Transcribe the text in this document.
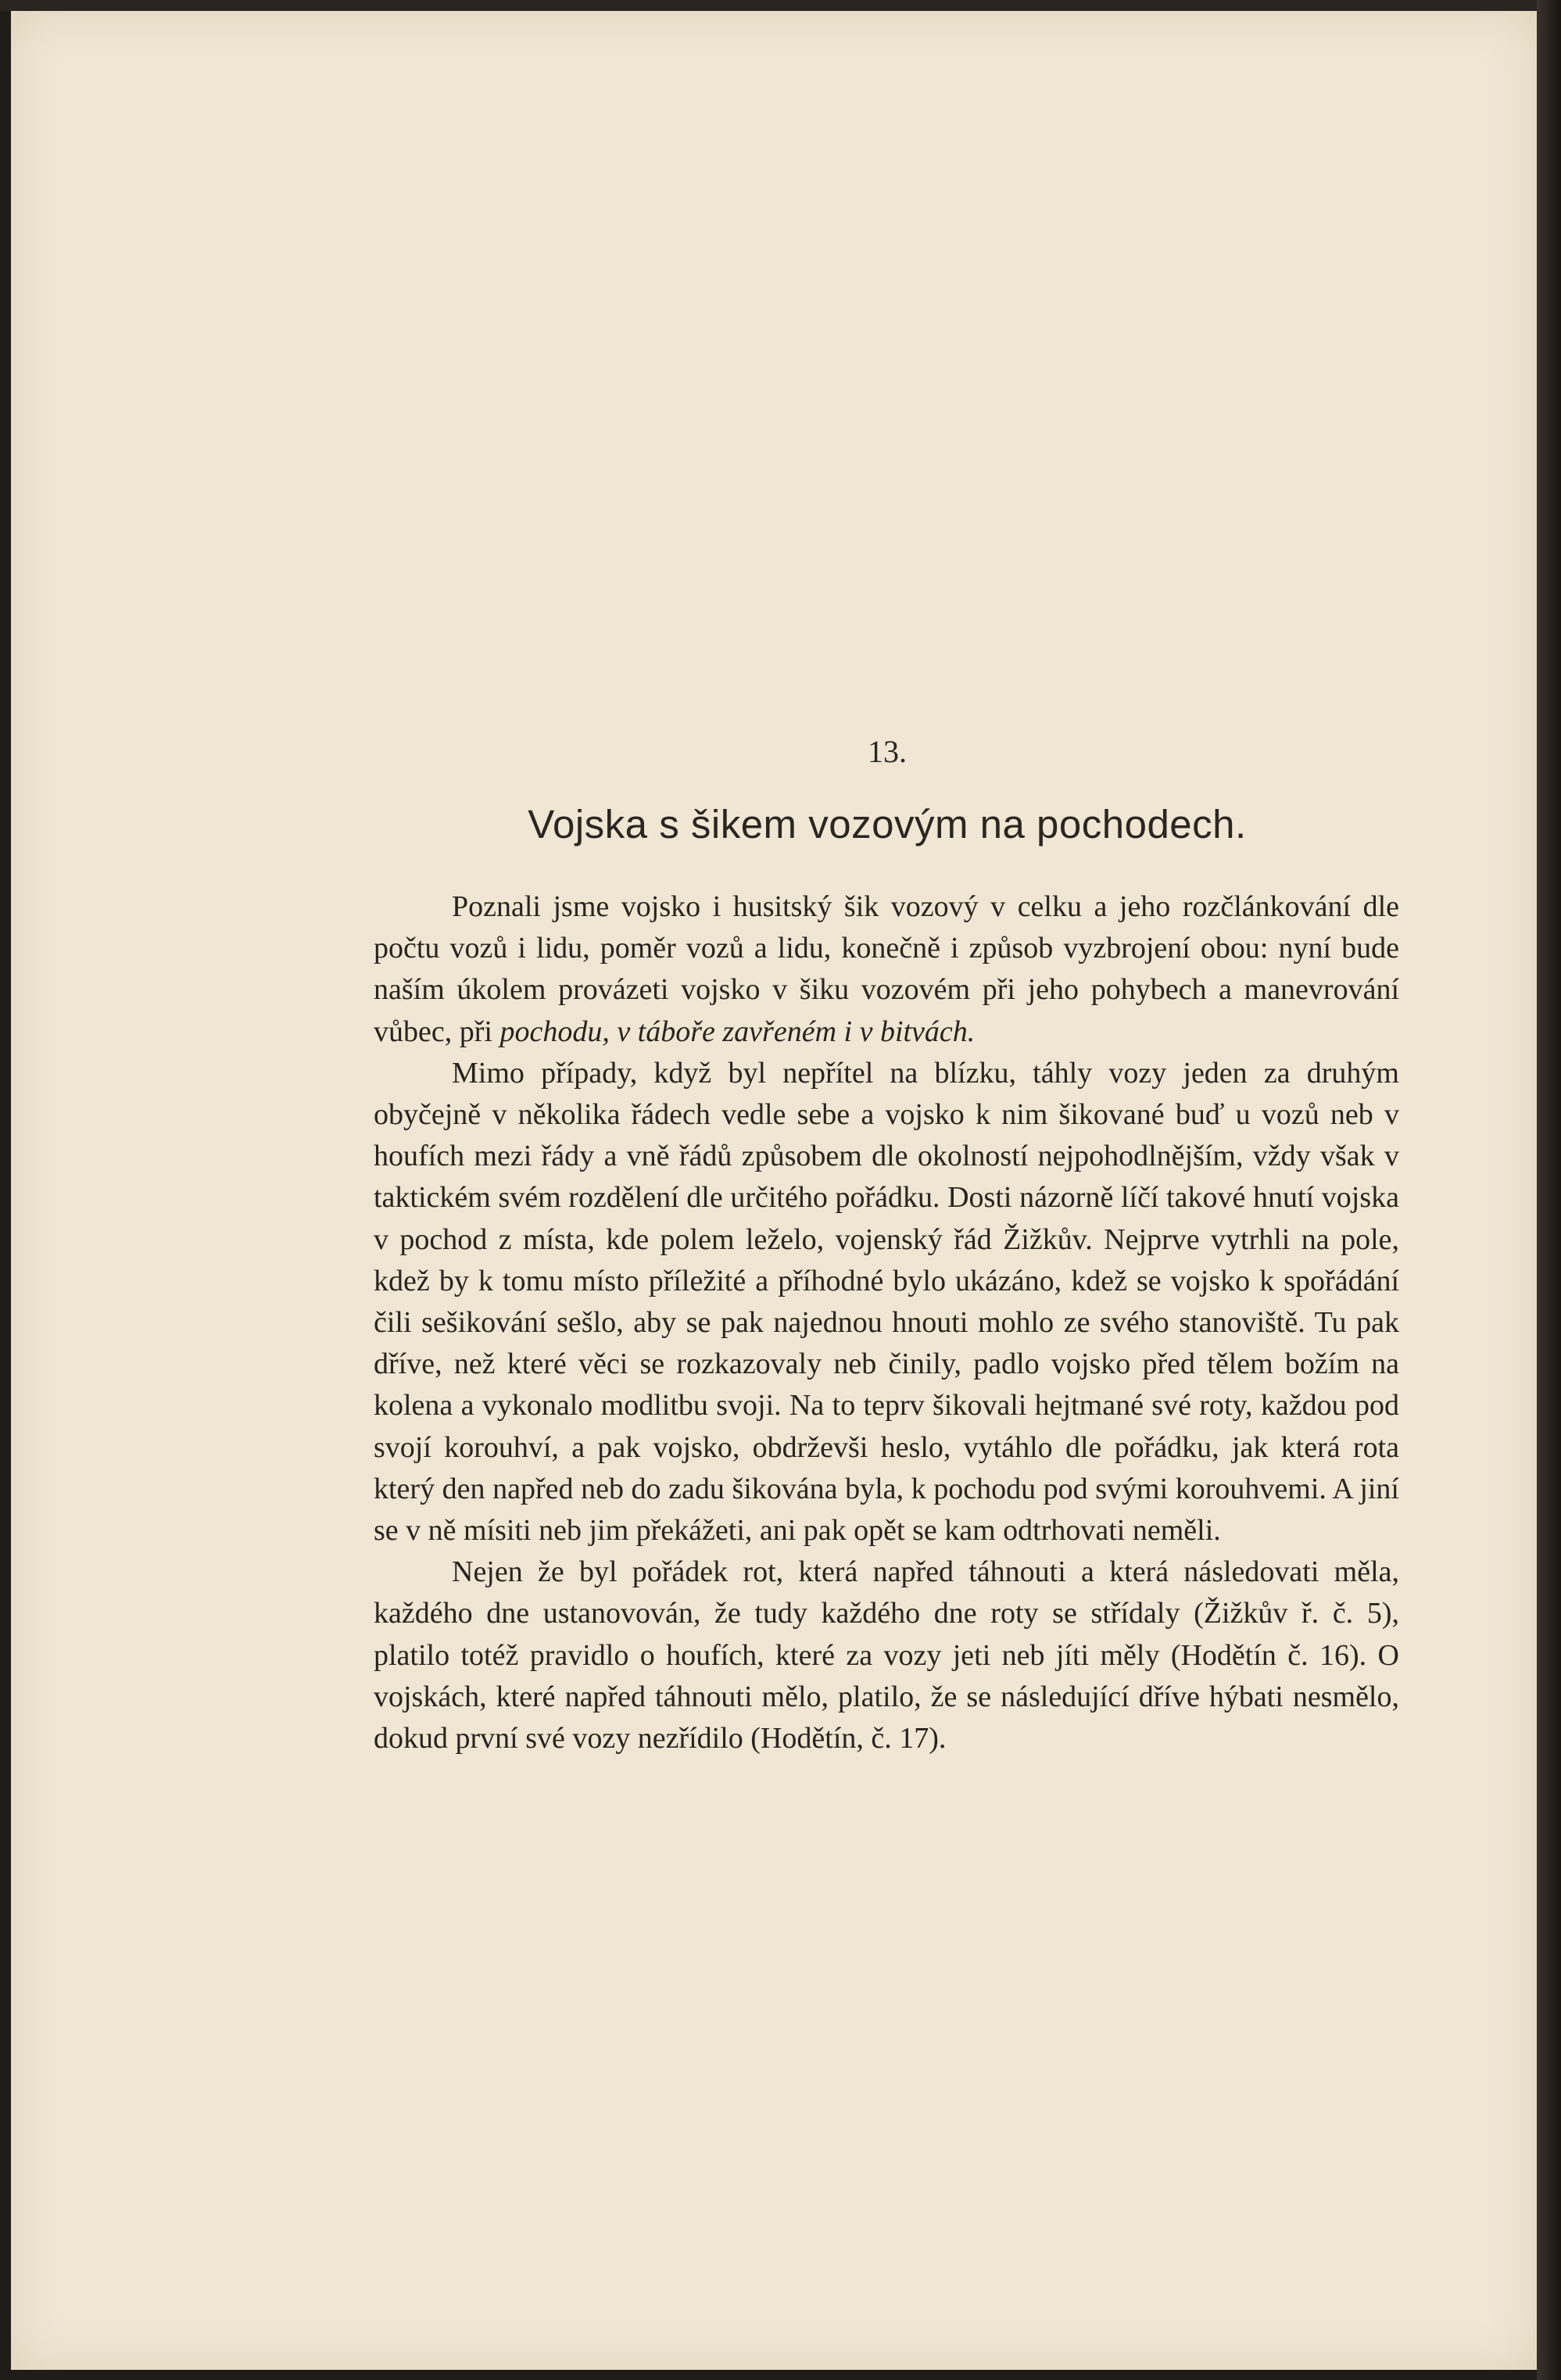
13.
Vojska s šikem vozovým na pochodech.

Poznali jsme vojsko i husitský šik vozový v celku a jeho rozčlánkování dle počtu vozů i lidu, poměr vozů a lidu, konečně i způsob vyzbrojení obou: nyní bude naším úkolem provázeti vojsko v šiku vozovém při jeho pohybech a manevrování vůbec, při pochodu, v táboře zavřeném i v bitvách.

Mimo případy, když byl nepřítel na blízku, táhly vozy jeden za druhým obyčejně v několika řádech vedle sebe a vojsko k nim šikované buď u vozů neb v houfích mezi řády a vně řádů způsobem dle okolností nejpohodlnějším, vždy však v taktickém svém rozdělení dle určitého pořádku. Dosti názorně líčí takové hnutí vojska v pochod z místa, kde polem leželo, vojenský řád Žižkův. Nejprve vytrhli na pole, kdež by k tomu místo příležité a příhodné bylo ukázáno, kdež se vojsko k spořádání čili sešikování sešlo, aby se pak najednou hnouti mohlo ze svého stanoviště. Tu pak dříve, než které věci se rozkazovaly neb činily, padlo vojsko před tělem božím na kolena a vykonalo modlitbu svoji. Na to teprv šikovali hejtmané své roty, každou pod svojí korouhví, a pak vojsko, obdrževši heslo, vytáhlo dle pořádku, jak která rota který den napřed neb do zadu šikována byla, k pochodu pod svými korouhvemi. A jiní se v ně mísiti neb jim překážeti, ani pak opět se kam odtrhovati neměli.

Nejen že byl pořádek rot, která napřed táhnouti a která následovati měla, každého dne ustanovován, že tudy každého dne roty se střídaly (Žižkův ř. č. 5), platilo totéž pravidlo o houfích, které za vozy jeti neb jíti měly (Hodětín č. 16). O vojskách, které napřed táhnouti mělo, platilo, že se následující dříve hýbati nesmělo, dokud první své vozy nezřídilo (Hodětín, č. 17).
